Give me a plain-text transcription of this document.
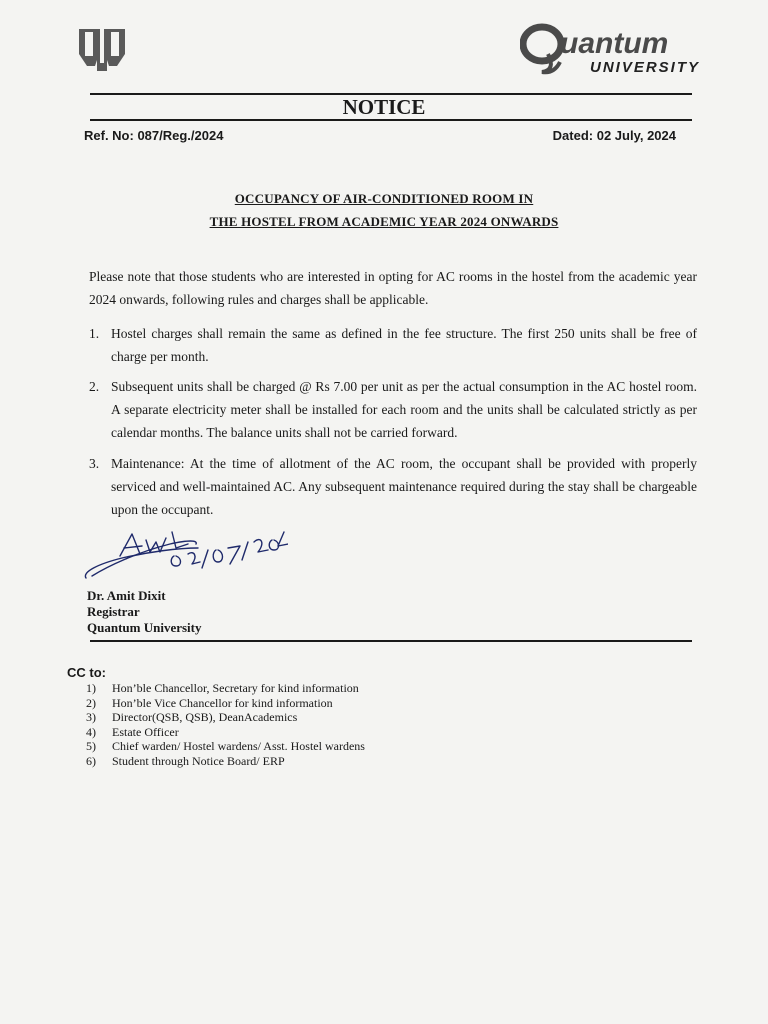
uantum
UNIVERSITY
NOTICE
Ref. No: 087/Reg./2024	Dated: 02 July, 2024
OCCUPANCY OF AIR-CONDITIONED ROOM IN
THE HOSTEL FROM ACADEMIC YEAR 2024 ONWARDS
Please note that those students who are interested in opting for AC rooms in the hostel from the academic year 2024 onwards, following rules and charges shall be applicable.
1. Hostel charges shall remain the same as defined in the fee structure. The first 250 units shall be free of charge per month.
2. Subsequent units shall be charged @ Rs 7.00 per unit as per the actual consumption in the AC hostel room. A separate electricity meter shall be installed for each room and the units shall be calculated strictly as per calendar months. The balance units shall not be carried forward.
3. Maintenance: At the time of allotment of the AC room, the occupant shall be provided with properly serviced and well-maintained AC. Any subsequent maintenance required during the stay shall be chargeable upon the occupant.
Dr. Amit Dixit
Registrar
Quantum University
CC to:
1) Hon’ble Chancellor, Secretary for kind information
2) Hon’ble Vice Chancellor for kind information
3) Director(QSB, QSB), DeanAcademics
4) Estate Officer
5) Chief warden/ Hostel wardens/ Asst. Hostel wardens
6) Student through Notice Board/ ERP
